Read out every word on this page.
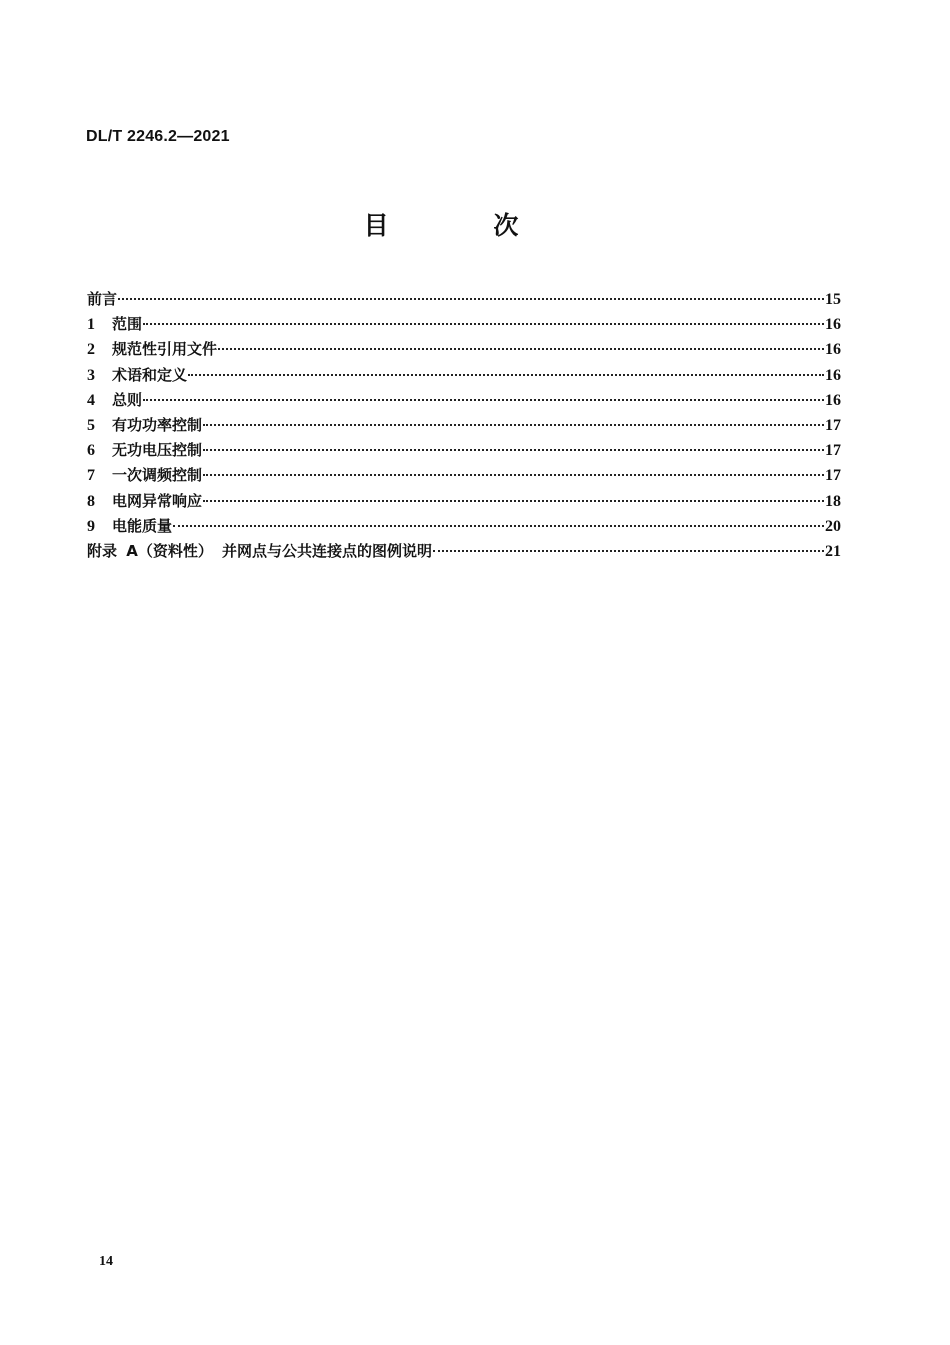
DL/T 2246.2—2021
目 次
前言	15
1	范围	16
2	规范性引用文件	16
3	术语和定义	16
4	总则	16
5	有功功率控制	17
6	无功电压控制	17
7	一次调频控制	17
8	电网异常响应	18
9	电能质量	20
附录 A（资料性） 并网点与公共连接点的图例说明	21
14
